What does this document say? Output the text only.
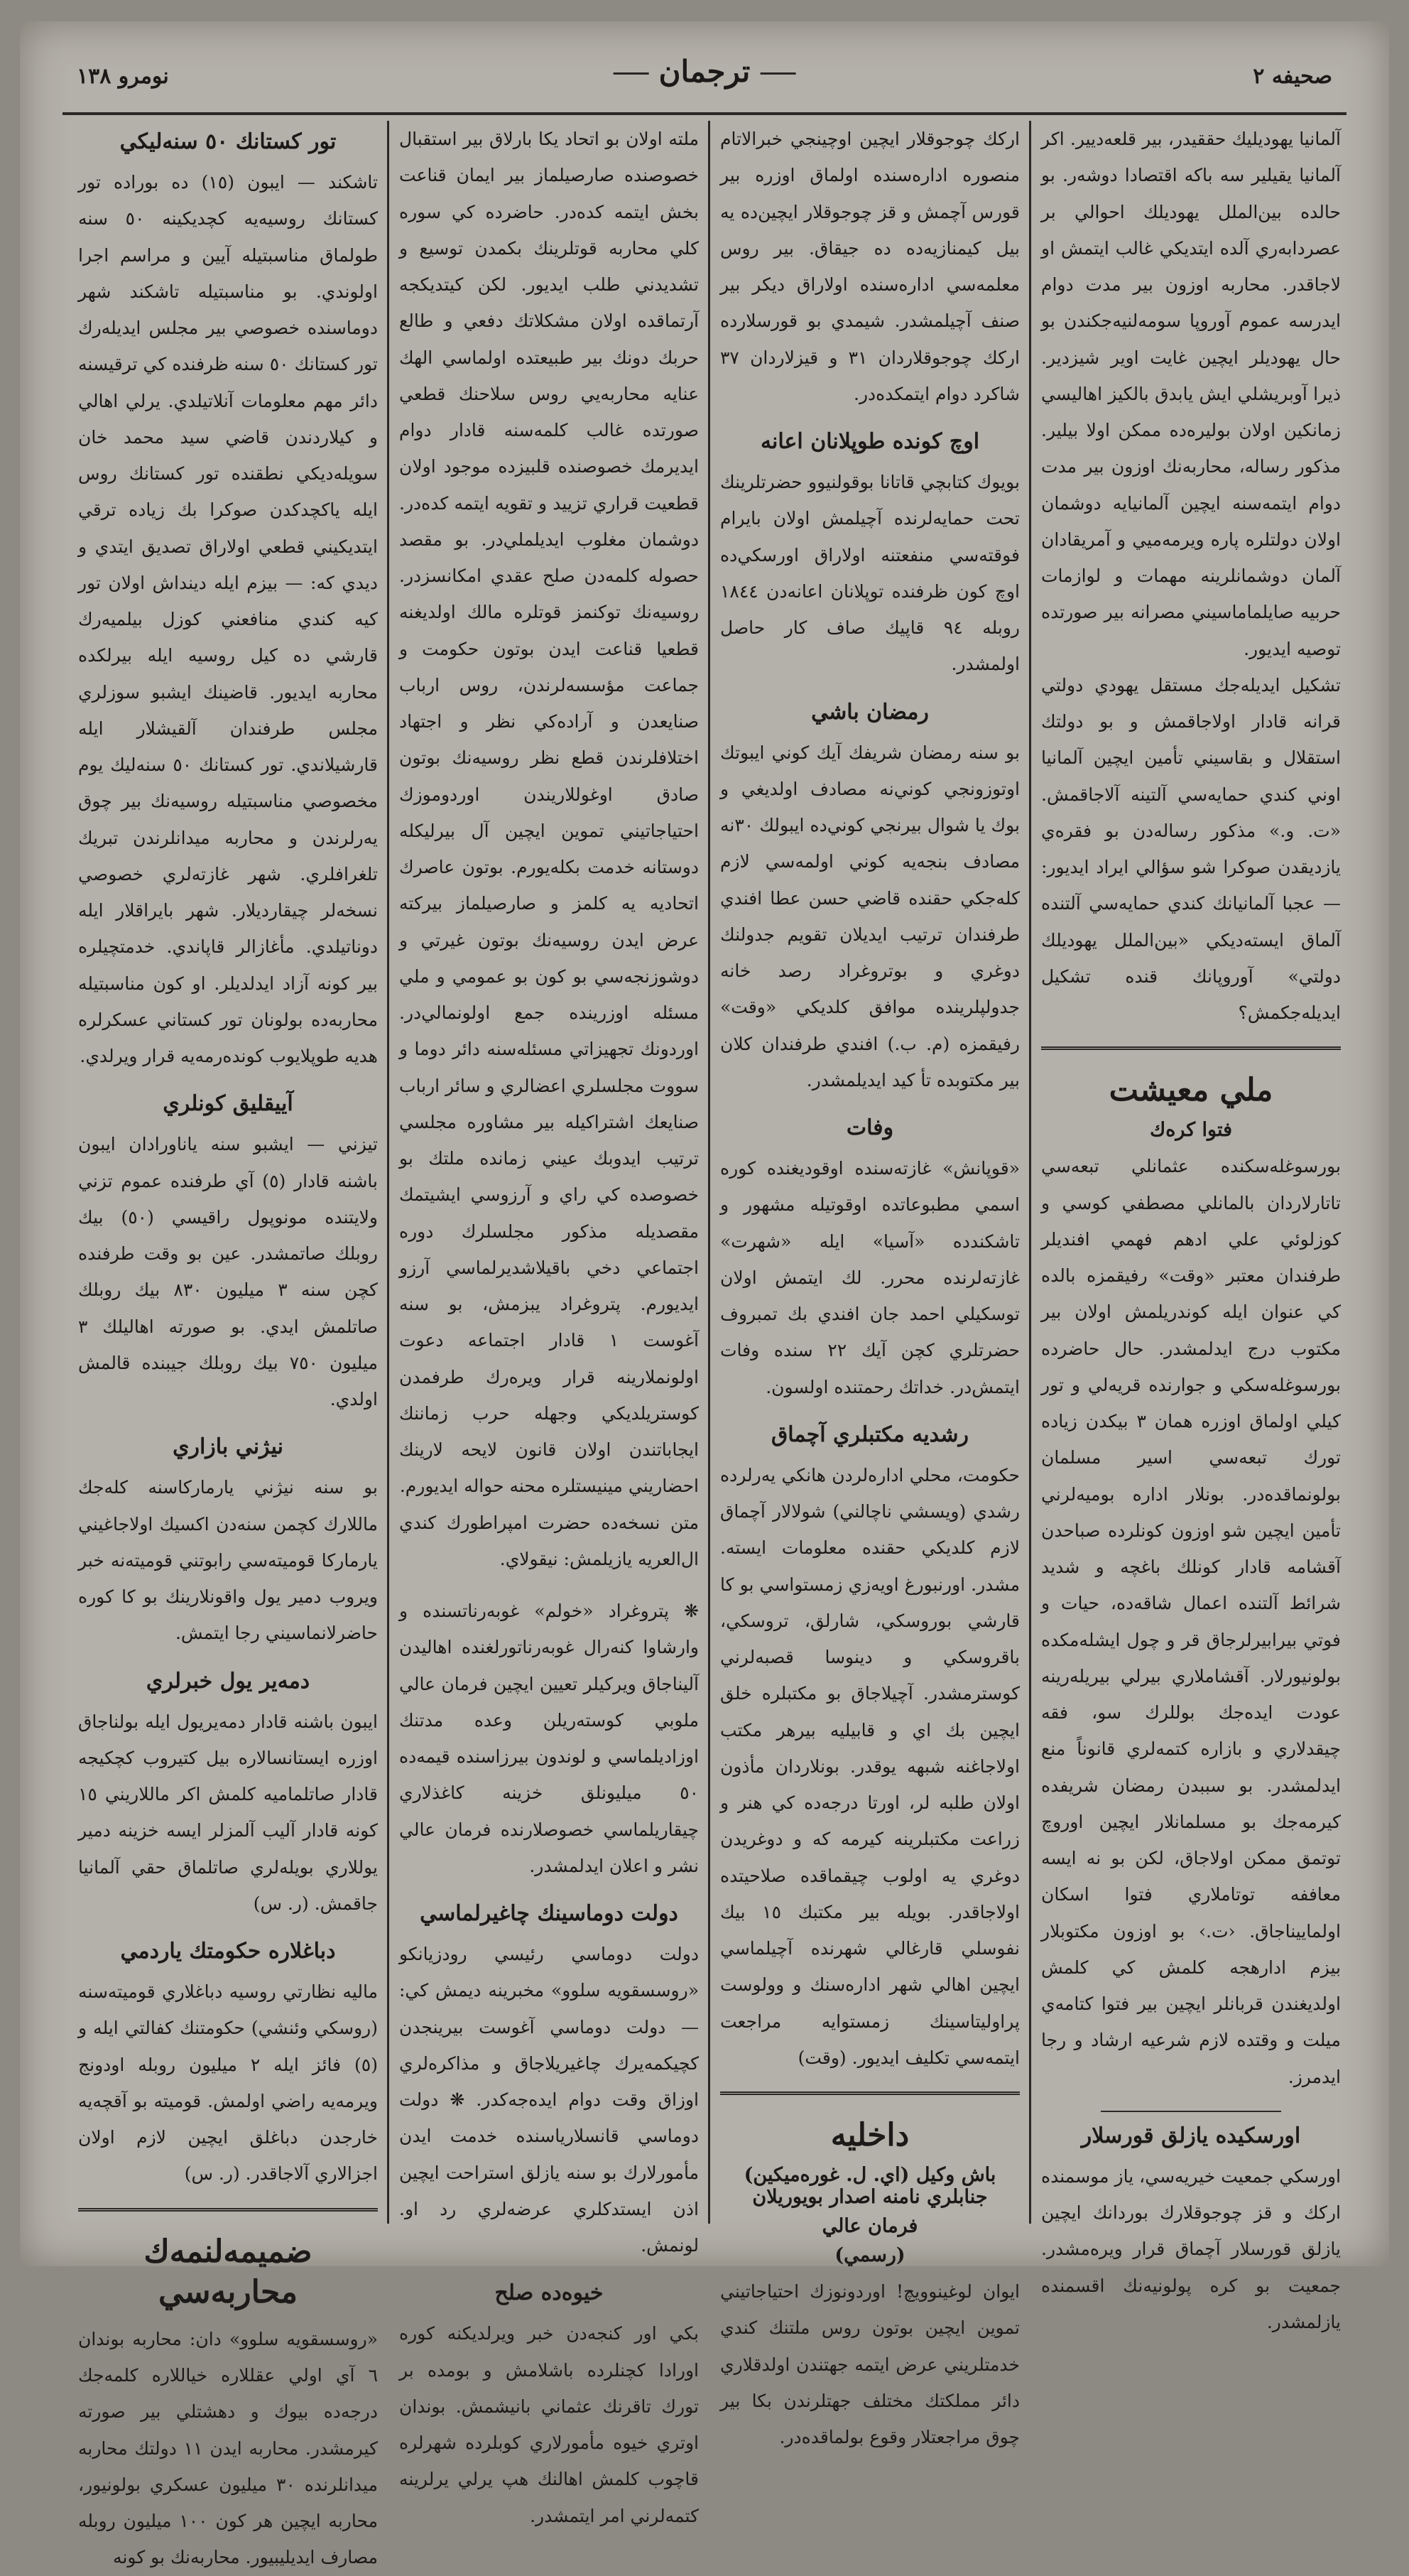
صحيفه ٢
ترجمان
نومرو ١٣٨
آلمانيا يهوديليك حققيدر، بير قلعه‌ديير. اكر آلمانيا يقيلير سه باكه اقتصادا دوشه‌ر. بو حالده بين‌الملل يهوديلك احوالي بر عصردابه‌ري آلده ايتديكي غالب ايتمش او لاجاقدر. محاربه اوزون بير مدت دوام ايدرسه عموم آوروپا سومه‌لنيه‌جكندن بو حال يهوديلر ايچين غايت اوير شيزدير. ذيرا آوبريشلي ايش يابدق بالكيز اهاليسي زمانكين اولان بوليره‌ده ممكن اولا بيلير. مذكور رساله، محاربه‌نك اوزون بير مدت دوام ايتمه‌سنه ايچين آلمانيايه دوشمان اولان دولتلره پاره ويرمه‌ميي و آمريقادان آلمان دوشمانلرينه مهمات و لوازمات حربيه صايلماماسيني مصرانه بير صورتده توصيه ايديور.
تشكيل ايديله‌جك مستقل يهودي دولتي قرانه قادار اولاجاقمش و بو دولتك استقلال و بقاسيني تأمين ايچين آلمانيا اوني كندي حمايه‌سي آلتينه آلاجاقمش. «ت. و.» مذكور رساله‌دن بو فقره‌ي يازديقدن صوكرا شو سؤالي ايراد ايديور: — عجبا آلمانيانك كندي حمايه‌سي آلتنده آلماق ايسته‌ديكي «بين‌الملل يهوديلك دولتي» آوروپانك قنده تشكيل ايديله‌جكمش؟
ملي معيشت
فتوا كره‌ك
بورسوغله‌سكنده عثمانلي تبعه‌سي تاتارلاردان بالمانلي مصطفي كوسي و كوزلوئي علي ادهم فهمي افنديلر طرفندان معتبر «وقت» رفيقمزه بالده كي عنوان ايله كوندريلمش اولان بير مكتوب درج ايدلمشدر. حال حاضرده بورسوغله‌سكي و جوارنده قريه‌لي و تور كيلي اولماق اوزره همان ٣ بيكدن زياده تورك تبعه‌سي اسير مسلمان بولونماقده‌در. بونلار اداره بوميه‌لرني تأمين ايچين شو اوزون كونلرده صباحدن آقشامه قادار كونلك باغچه و شديد شرائط آلتنده اعمال شاقه‌ده، حيات و فوتي بيرابيرلرجاق قر و چول ايشله‌مكده بولونيورلار. آقشاملاري بيرلي بيريله‌رينه عودت ايده‌جك بوللرك سو، فقه چيقدلاري و بازاره كتمه‌لري قانوناً منع ايدلمشدر. بو سببدن رمضان شريفده كيرمه‌جك بو مسلمانلار ايچين اوروچ توتمق ممكن اولاجاق، لكن بو نه ايسه معاففه توتاملاري فتوا اسكان اولماييناجاق. ‹ت.› بو اوزون مكتوبلار بيزم ادارهجه كلمش كي كلمش اولديغندن قربانلر ايچين بير فتوا كتامه‌ي ميلت و وقتده لازم شرعيه ارشاد و رجا ايدمرز.
اورسكيده يازلق قورسلار
اورسكي جمعيت خيريه‌سي، ياز موسمنده اركك و قز چوجوقلارك بوردانك ايچين يازلق قورسلار آچماق قرار ويره‌مشدر. جمعيت بو كره پولونيه‌نك اقسمنده يازلمشدر.
اركك چوجوقلار ايچين اوچينجي خبرالاتام منصوره اداره‌سنده اولماق اوزره بير قورس آچمش و قز چوجوقلار ايچين‌ده يه بيل كيمنازيه‌ده ده جيقاق. بير روس معلمه‌سي اداره‌سنده اولاراق ديكر بير صنف آچيلمشدر. شيمدي بو قورسلارده اركك چوجوقلاردان ٣١ و قيزلاردان ٣٧ شاكرد دوام ايتمكده‌در.
اوچ كونده طوپلانان اعانه
بويوك كتابچي قاتانا بوقولنيوو حضرتلرينك تحت حمايه‌لرنده آچيلمش اولان بايرام فوقته‌سي منفعتنه اولاراق اورسكي‌ده اوچ كون ظرفنده توپلانان اعانه‌دن ١٨٤٤ روبله ٩٤ قاپيك صاف كار حاصل اولمشدر.
رمضان باشي
بو سنه رمضان شريفك آيك كوني ايبوتك اوتوزونجي كوني‌نه مصادف اولديغي و بوك يا شوال بيرنجي كوني‌ده ايبولك ٣٠نه مصادف بنجه‌يه كوني اولمه‌سي لازم كله‌جكي حقنده قاضي حسن عطا افندي طرفندان ترتيب ايديلان تقويم جدولنك دوغري و بوتروغراد رصد خانه جدولپلرينده موافق كلديكي «وقت» رفيقمزه (م. ب.) افندي طرفندان كلان بير مكتوبده تأ كيد ايديلمشدر.
وفات
«قوپانش» غازته‌سنده اوقوديغنده كوره اسمي مطبوعاتده اوقوتيله مشهور و تاشكندده «آسيا» ايله «شهرت» غازته‌لرنده محرر. لك ايتمش اولان توسكيلي احمد جان افندي بك تمبروف حضرتلري كچن آيك ٢٢ سنده وفات ايتمش‌در. خداتك رحمتنده اولسون.
رشديه مكتبلري آچماق
حكومت، محلي اداره‌لردن هانكي يه‌رلرده رشدي (ويسشي ناچالني) شولالار آچماق لازم كلديكي حقنده معلومات ايسته. مشدر. اورنبورغ اويه‌زي زمستواسي بو كا قارشي بوروسكي، شارلق، تروسكي، باقروسكي و دينوسا قصبه‌لرني كوسترمشدر. آچيلاجاق بو مكتبلره خلق ايچين بك اي و قابيليه بيرهر مكتب اولاجاغنه شبهه يوقدر. بونلاردان مأذون اولان طلبه لر، اورتا درجه‌ده كي هنر و زراعت مكتبلرينه كيرمه كه و دوغريدن دوغري يه اولوب چيقماقده صلاحيتده اولاجاقدر. بويله بير مكتبك ١٥ بيك نفوسلي قارغالي شهرنده آچيلماسي ايچين اهالي شهر اداره‌سنك و وولوست پراوليتاسينك زمستوايه مراجعت ايتمه‌سي تكليف ايديور. (وقت)
داخليه
باش وكيل (اي. ل. غوره‌ميكين) جنابلري نامنه اصدار بويوريلان
فرمان عالي
(رسمي)
ايوان لوغينوويچ! اوردونوزك احتياجاتيني تموين ايچين بوتون روس ملتنك كندي خدمتلريني عرض ايتمه جهتندن اولدقلاري دائر مملكتك مختلف جهتلرندن بكا بير چوق مراجعتلار وقوع بولماقده‌در.
ملته اولان بو اتحاد يكا بارلاق بير استقبال خصوصنده صارصيلماز بير ايمان قناعت بخش ايتمه كده‌در. حاضرده كي سوره كلي محاربه قوتلرينك بكمدن توسيع و تشديدني طلب ايديور. لكن كيتديكجه آرتماقده اولان مشكلاتك دفعي و طالع حربك دونك بير طبيعتده اولماسي الهك عنايه محاربه‌يي روس سلاحنك قطعي صورتده غالب كلمه‌سنه قادار دوام ايديرمك خصوصنده قلبيزده موجود اولان قطعيت قراري تزييد و تقويه ايتمه كده‌در. دوشمان مغلوب ايديلملي‌در. بو مقصد حصوله كلمه‌دن صلح عقدي امكانسزدر. روسيه‌نك توكنمز قوتلره مالك اولديغنه قطعيا قناعت ايدن بوتون حكومت و جماعت مؤسسه‌لرندن، روس ارباب صنايعدن و آراده‌كي نظر و اجتهاد اختلافلرندن قطع نظر روسيه‌نك بوتون صادق اوغوللاريندن اوردوموزك احتياجاتيني تموين ايچين آل بيرليكله دوستانه خدمت بكله‌يورم. بوتون عاصرك اتحاديه يه كلمز و صارصيلماز بيركته عرض ايدن روسيه‌نك بوتون غيرتي و دوشوزنجه‌سي بو كون بو عمومي و ملي مسئله اوزرينده جمع اولونمالي‌در. اوردونك تجهيزاتي مسئله‌سنه دائر دوما و سووت مجلسلري اعضالري و سائر ارباب صنايعك اشتراكيله بير مشاوره مجلسي ترتيب ايدوبك عيني زمانده ملتك بو خصوصده كي راي و آرزوسي ايشيتمك مقصديله مذكور مجلسلرك دوره اجتماعي دخي باقيلاشديرلماسي آرزو ايديورم. پتروغراد يبزمش، بو سنه آغوست ١ قادار اجتماعه دعوت اولونملارينه قرار ويره‌رك طرفمدن كوستريلديكي وجهله حرب زماننك ايجاباتندن اولان قانون لايحه لارينك احضاريني مينيستلره محنه حواله ايديورم.
متن نسخه‌ده حضرت امپراطورك كندي ال‌العريه يازيلمش: نيقولاي.
❋ پتروغراد «خولم» غوبه‌رناتسنده و وارشاوا كنه‌رال غوبه‌رناتورلغنده اهاليدن آليناجاق ويركيلر تعيين ايچين فرمان عالي ملوبي كوسته‌ريلن وعده مدتنك اوزاديلماسي و لوندون بيرزاسنده قيمه‌ده ٥٠ ميليونلق خزينه كاغذلاري چيقاريلماسي خصوصلارنده فرمان عالي نشر و اعلان ايدلمشدر.
دولت دوماسينك چاغيرلماسي
دولت دوماسي رئيسي رودزيانكو «روسسقويه سلوو» مخبرينه ديمش كي: — دولت دوماسي آغوست بيرينجدن كچيكمه‌يرك چاغيريلاجاق و مذاكره‌لري اوزاق وقت دوام ايده‌جه‌كدر. ❋ دولت دوماسي قانسلارياسنده خدمت ايدن مأمورلارك بو سنه يازلق استراحت ايچين اذن ايستدكلري عرضه‌لري رد او. لونمش.
خيوه‌ده صلح
بكي اور كنجه‌دن خبر ويرلديكنه كوره اورادا كچنلرده باشلامش و بومده بر تورك تاقرنك عثماني بانيشمش. بوندان اوتري خيوه مأمورلاري كوبلرده شهرلره قاچوب كلمش اهالنك هپ يرلي يرلرينه كتمه‌لرني امر ايتمشدر.
تور كستانك ٥٠ سنه‌ليكي
تاشكند — ايبون (١٥) ده بوراده تور كستانك روسيه‌يه كچديكينه ٥٠ سنه طولماق مناسبتيله آيين و مراسم اجرا اولوندي. بو مناسبتيله تاشكند شهر دوماسنده خصوصي بير مجلس ايديله‌رك تور كستانك ٥٠ سنه ظرفنده كي ترقيسنه دائر مهم معلومات آنلاتيلدي. يرلي اهالي و كيلاردندن قاضي سيد محمد خان سويله‌ديكي نطقنده تور كستانك روس ايله ياكچدكدن صوكرا بك زياده ترقي ايتديكيني قطعي اولاراق تصديق ايتدي و ديدي كه: — بيزم ايله دينداش اولان تور كيه كندي منافعني كوزل بيلميه‌رك قارشي ده كيل روسيه ايله بيرلكده محاربه ايديور. قاضينك ايشبو سوزلري مجلس طرفندان آلقيشلار ايله قارشيلاندي. تور كستانك ٥٠ سنه‌ليك يوم مخصوصي مناسبتيله روسيه‌نك بير چوق يه‌رلرندن و محاربه ميدانلرندن تبريك تلغرافلري. شهر غازته‌لري خصوصي نسخه‌لر چيقارديلار. شهر بايراقلار ايله دوناتيلدي. مأغازالر قاپاندي. خدمتچيلره بير كونه آزاد ايدلديلر. او كون مناسبتيله محاربه‌ده بولونان تور كستاني عسكرلره هديه طوپلايوب كونده‌رمه‌يه قرار ويرلدي.
آييقليق كونلري
تيزني — ايشبو سنه ياناورادان ايبون باشنه قادار (٥) آي طرفنده عموم تزني ولايتنده مونوپول راقيسي (٥٠) بيك روبلك صاتمشدر. عين بو وقت طرفنده كچن سنه ٣ ميليون ٨٣٠ بيك روبلك صاتلمش ايدي. بو صورته اهاليلك ٣ ميليون ٧٥٠ بيك روبلك جيبنده قالمش اولدي.
نيژني بازاري
بو سنه نيژني يارماركاسنه كله‌جك ماللارك كچمن سنه‌دن اكسيك اولاجاغيني يارماركا قوميته‌سي رابوتني قوميته‌نه خبر ويروب دمير يول واقونلارينك بو كا كوره حاضرلانماسيني رجا ايتمش.
دمه‌ير يول خبرلري
ايبون باشنه قادار دمه‌يريول ايله بولناجاق اوزره ايستانسالاره بيل كتيروب كچكيجه قادار صاتلماميه كلمش اكر ماللاريني ١٥ كونه قادار آليب آلمزلر ايسه خزينه دمير يوللاري بويله‌لري صاتلماق حقي آلمانيا جاقمش. (ر. س)
دباغلاره حكومتك ياردمي
ماليه نظارتي روسيه دباغلاري قوميته‌سنه (روسكي وئنشي) حكومتنك كفالتي ايله و (٥) فائز ايله ٢ ميليون روبله اودونج ويرمه‌يه راضي اولمش. قوميته بو آقچه‌يه خارجدن دباغلق ايچين لازم اولان اجزالاري آلاجاقدر. (ر. س)
ضميمه‌لنمه‌ك محاربه‌سي
«روسسقويه سلوو» دان: محاربه بوندان ٦ آي اولي عقللاره خياللاره كلمه‌جك درجه‌ده بيوك و دهشتلي بير صورته كيرمشدر. محاربه ايدن ١١ دولتك محاربه ميدانلرنده ٣٠ ميليون عسكري بولونيور، محاربه ايچين هر كون ١٠٠ ميليون روبله مصارف ايديليبيور. محاربه‌نك بو كونه
